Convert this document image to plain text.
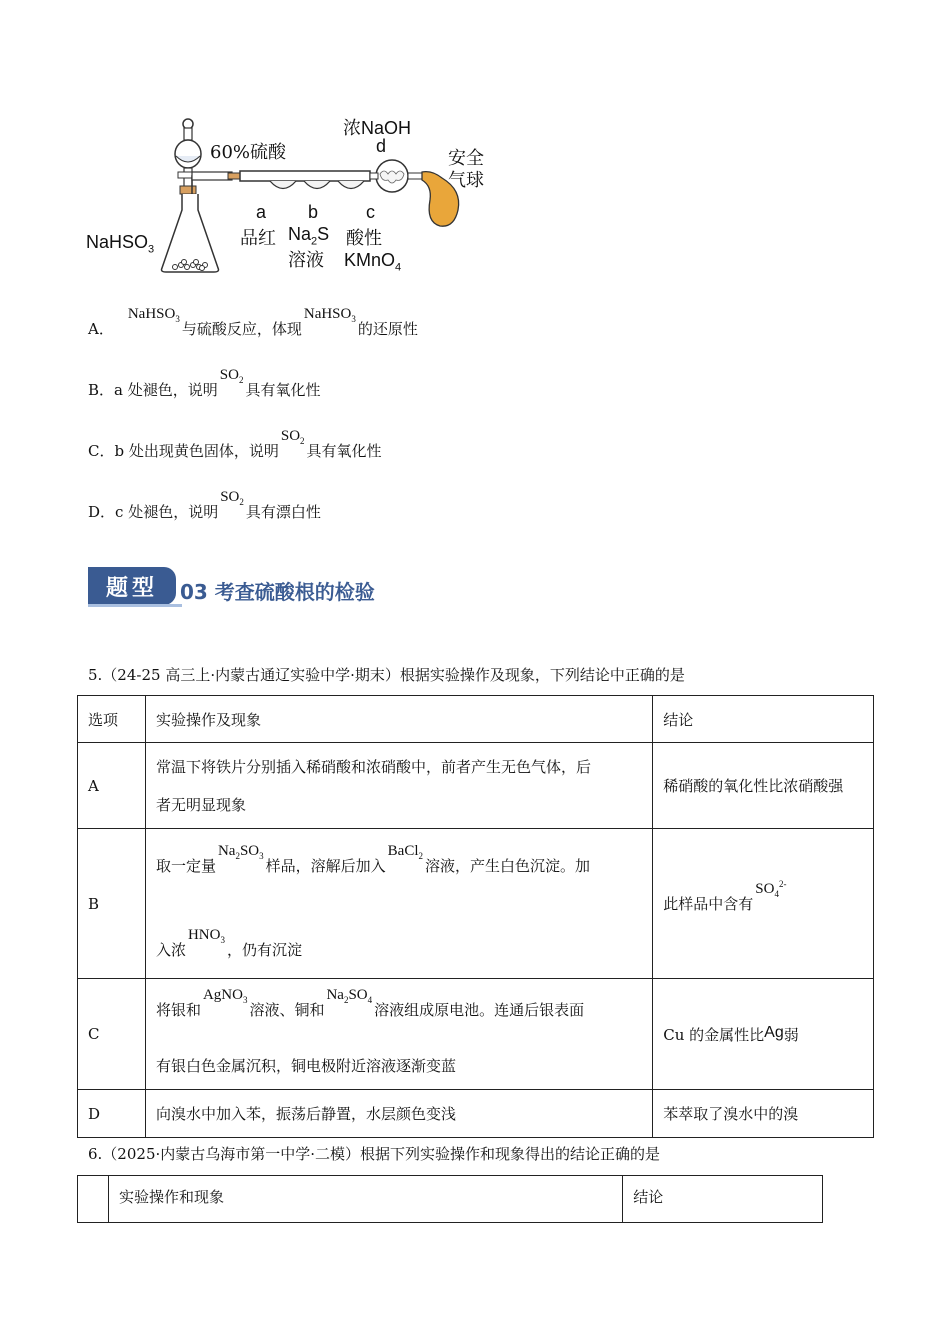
60%硫酸
浓NaOH
d
安全
气球
NaHSO$_3$
a
品红
b
$Na_2S$
溶液
c
酸性
KMnO$_4$
A．NaHSO$_3$与硫酸反应，体现NaHSO$_3$的还原性
B．a 处褪色，说明$SO_2$具有氧化性
C．b 处出现黄色固体，说明$SO_2$具有氧化性
D．c 处褪色，说明$SO_2$具有漂白性
题型	03 考查硫酸根的检验
5.（24-25 高三上·内蒙古通辽实验中学·期末）根据实验操作及现象，下列结论中正确的是
选项	实验操作及现象	结论
A	常温下将铁片分别插入稀硝酸和浓硝酸中，前者产生无色气体，后
者无明显现象	稀硝酸的氧化性比浓硝酸强
B	取一定量$Na_2SO_3$样品，溶解后加入BaCl$_2$溶液，产生白色沉淀。加
入浓$HNO_3$，仍有沉淀	此样品中含有$SO_4^{2-}$
C	将银和AgNO$_3$溶液、铜和$Na_2SO_4$溶液组成原电池。连通后银表面
有银白色金属沉积，铜电极附近溶液逐渐变蓝	Cu 的金属性比Ag弱
D	向溴水中加入苯，振荡后静置，水层颜色变浅	苯萃取了溴水中的溴
6.（2025·内蒙古乌海市第一中学·二模）根据下列实验操作和现象得出的结论正确的是
	实验操作和现象	结论
